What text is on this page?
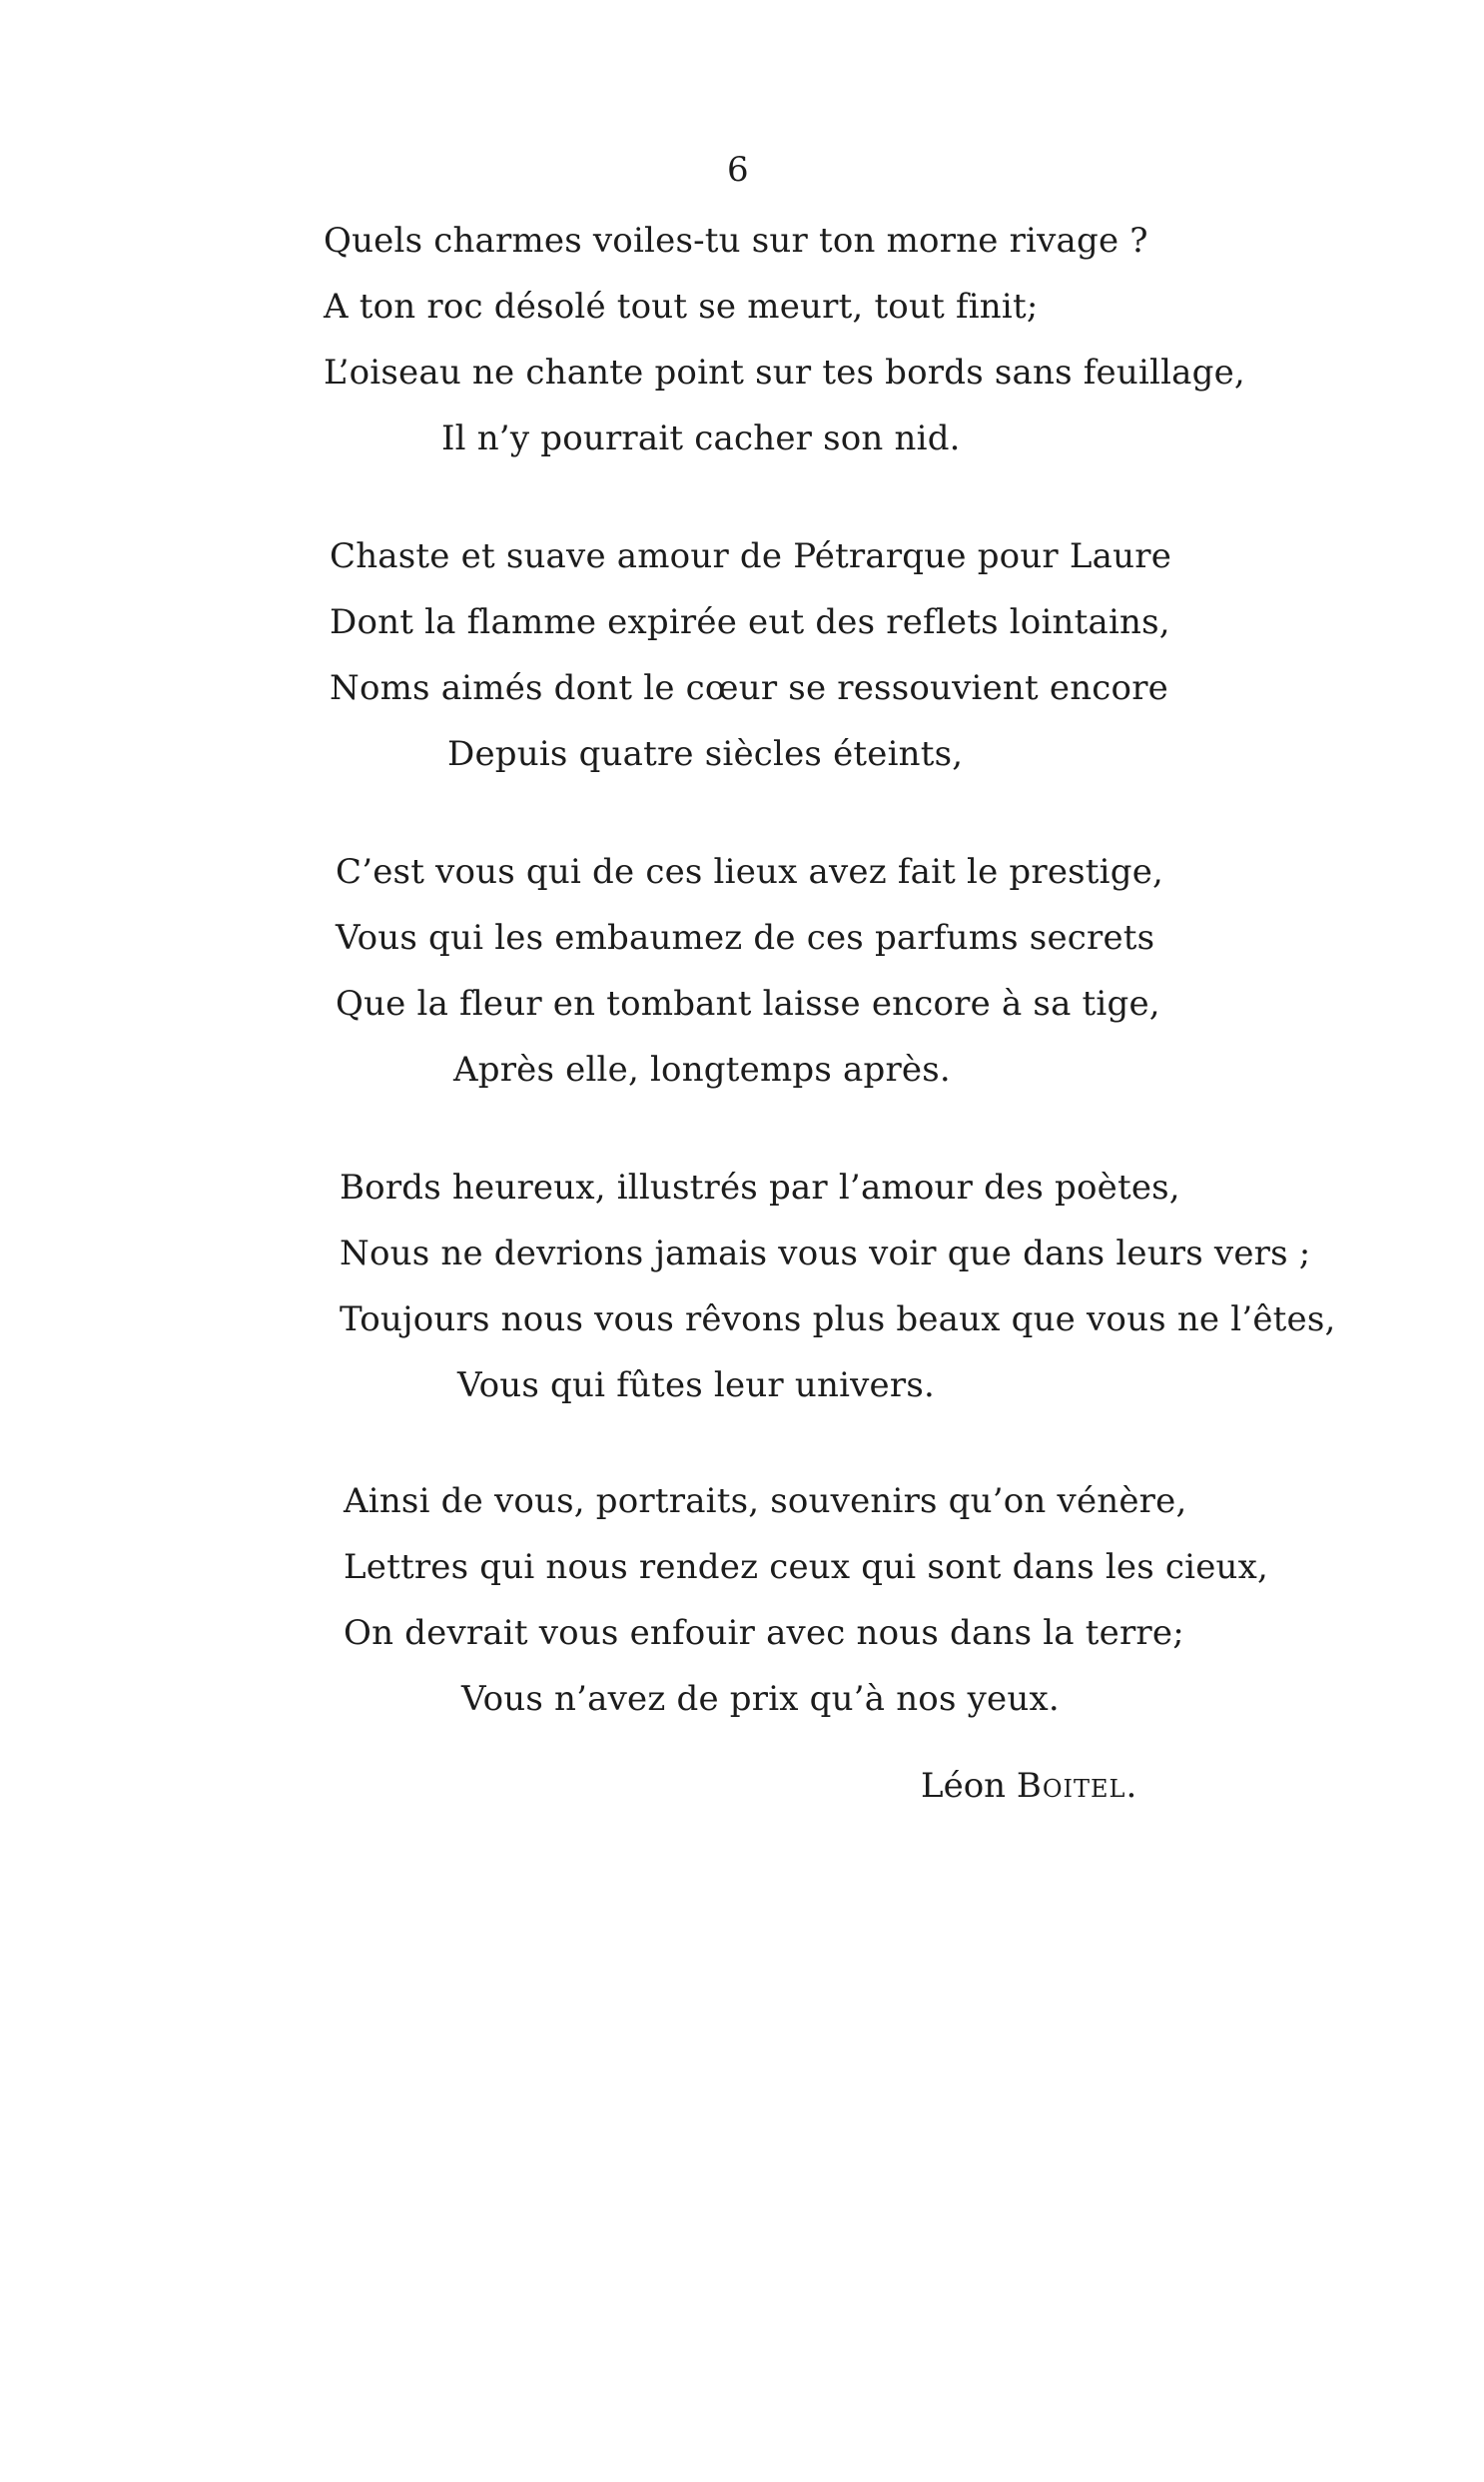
6
Quels charmes voiles-tu sur ton morne rivage ?
A ton roc désolé tout se meurt, tout finit;
L’oiseau ne chante point sur tes bords sans feuillage,
Il n’y pourrait cacher son nid.
Chaste et suave amour de Pétrarque pour Laure
Dont la flamme expirée eut des reflets lointains,
Noms aimés dont le cœur se ressouvient encore
Depuis quatre siècles éteints,
C’est vous qui de ces lieux avez fait le prestige,
Vous qui les embaumez de ces parfums secrets
Que la fleur en tombant laisse encore à sa tige,
Après elle, longtemps après.
Bords heureux, illustrés par l’amour des poètes,
Nous ne devrions jamais vous voir que dans leurs vers ;
Toujours nous vous rêvons plus beaux que vous ne l’êtes,
Vous qui fûtes leur univers.
Ainsi de vous, portraits, souvenirs qu’on vénère,
Lettres qui nous rendez ceux qui sont dans les cieux,
On devrait vous enfouir avec nous dans la terre;
Vous n’avez de prix qu’à nos yeux.
Léon Boitel.
